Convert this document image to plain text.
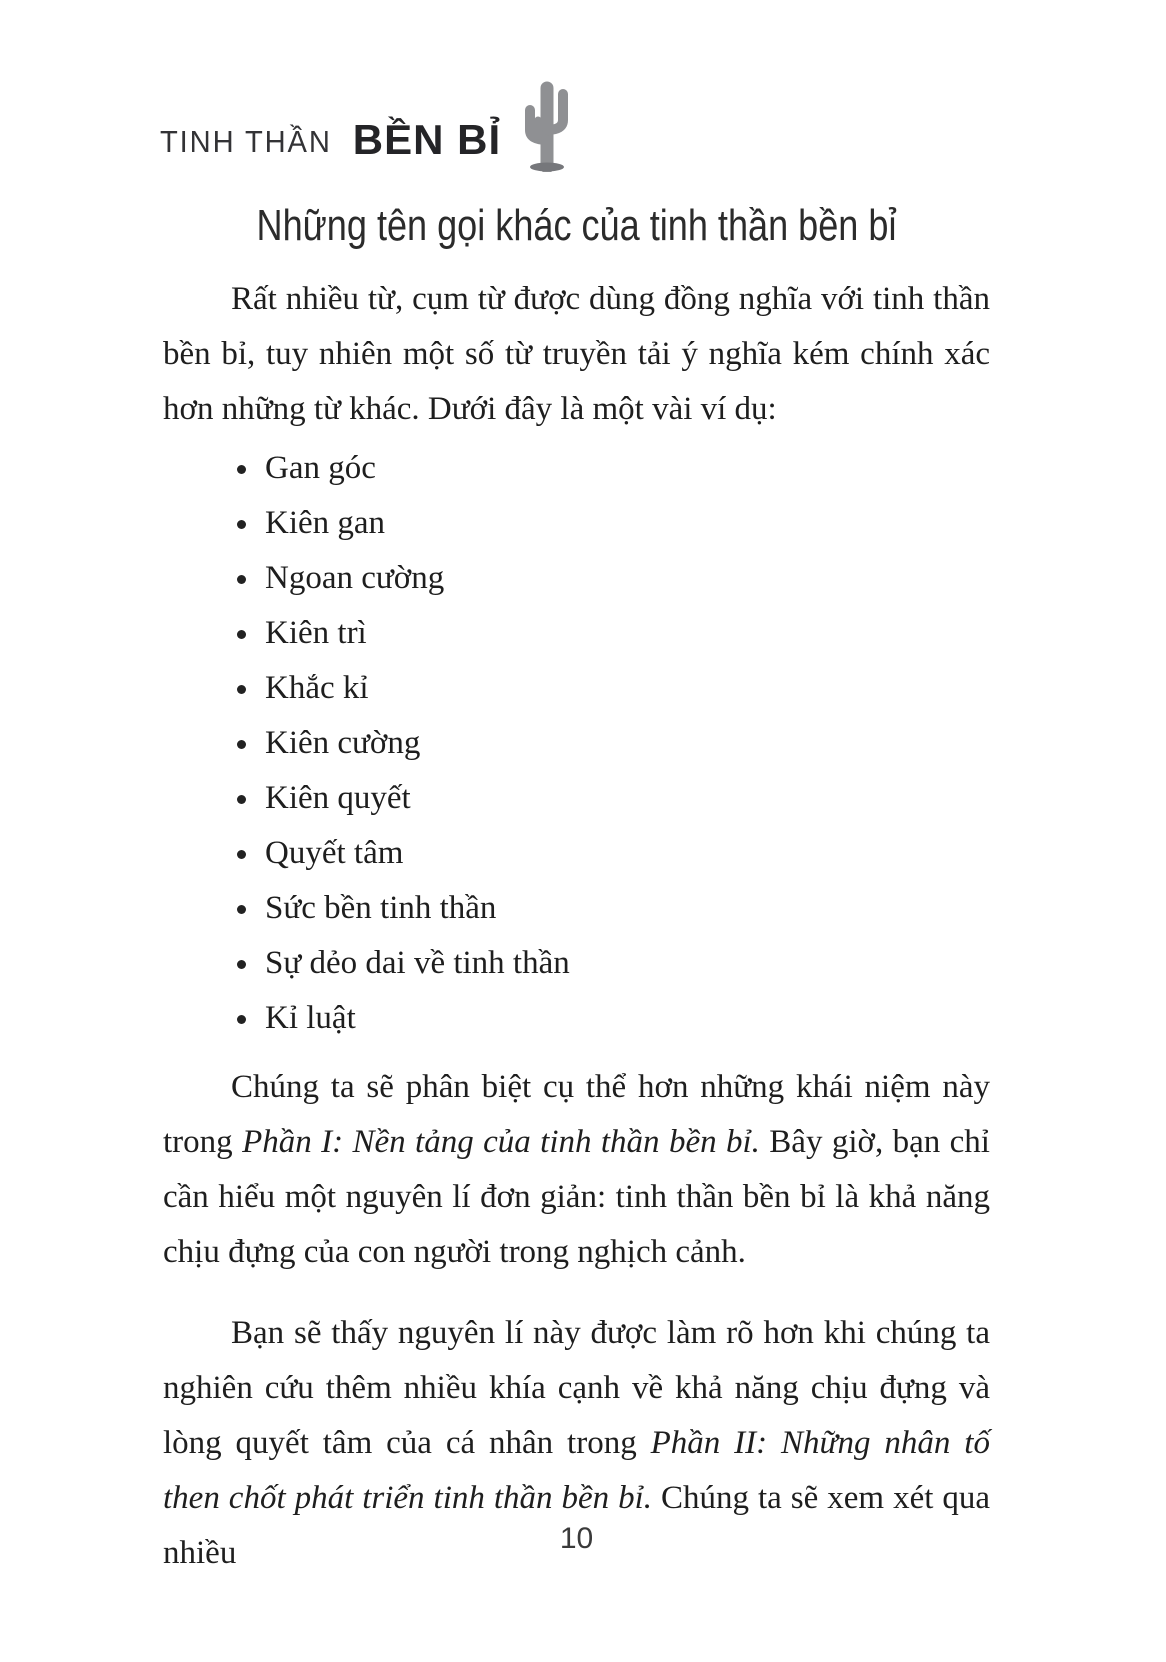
TINH THẦN BỀN BỈ
Những tên gọi khác của tinh thần bền bỉ

Rất nhiều từ, cụm từ được dùng đồng nghĩa với tinh thần bền bỉ, tuy nhiên một số từ truyền tải ý nghĩa kém chính xác hơn những từ khác. Dưới đây là một vài ví dụ:

Gan góc
Kiên gan
Ngoan cường
Kiên trì
Khắc kỉ
Kiên cường
Kiên quyết
Quyết tâm
Sức bền tinh thần
Sự dẻo dai về tinh thần
Kỉ luật

Chúng ta sẽ phân biệt cụ thể hơn những khái niệm này trong Phần I: Nền tảng của tinh thần bền bỉ. Bây giờ, bạn chỉ cần hiểu một nguyên lí đơn giản: tinh thần bền bỉ là khả năng chịu đựng của con người trong nghịch cảnh.

Bạn sẽ thấy nguyên lí này được làm rõ hơn khi chúng ta nghiên cứu thêm nhiều khía cạnh về khả năng chịu đựng và lòng quyết tâm của cá nhân trong Phần II: Những nhân tố then chốt phát triển tinh thần bền bỉ. Chúng ta sẽ xem xét qua nhiều	10
